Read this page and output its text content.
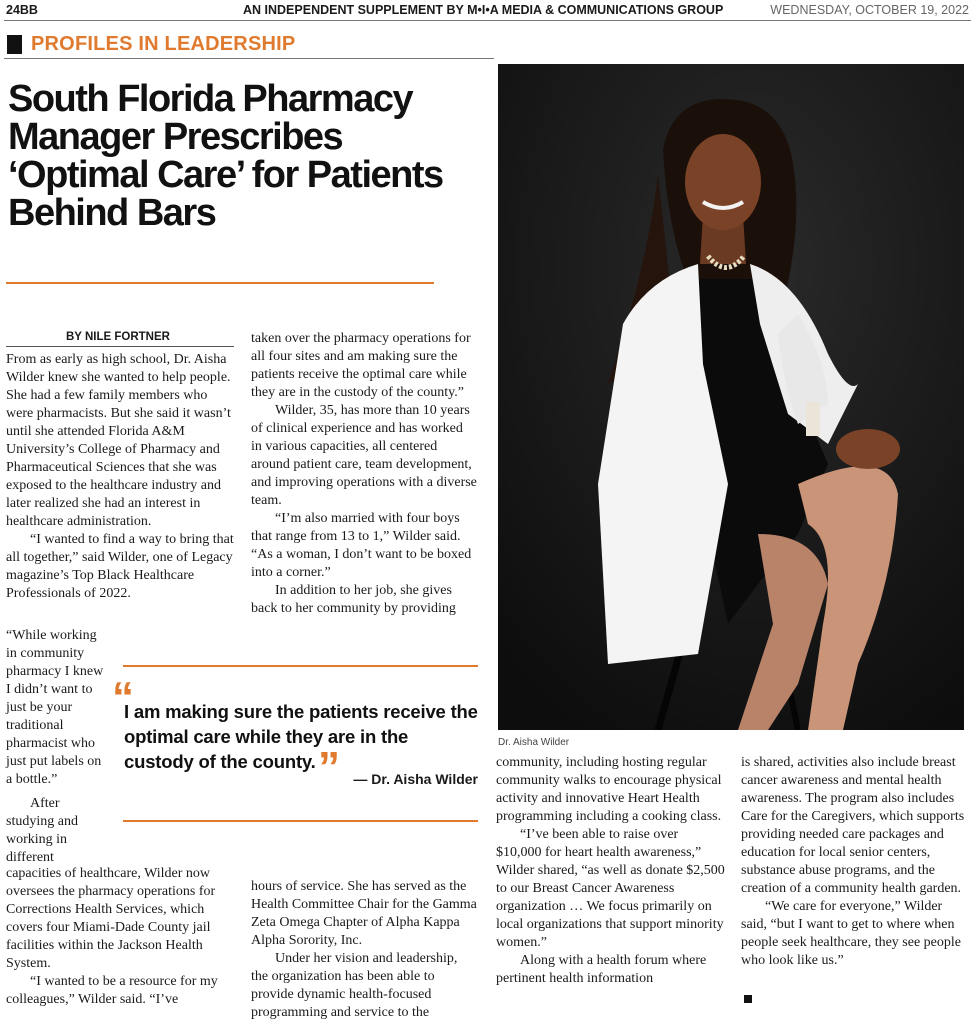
24BB	AN INDEPENDENT SUPPLEMENT BY M•I•A MEDIA & COMMUNICATIONS GROUP	WEDNESDAY, OCTOBER 19, 2022
PROFILES IN LEADERSHIP
South Florida Pharmacy Manager Prescribes ‘Optimal Care’ for Patients Behind Bars
BY NILE FORTNER

From as early as high school, Dr. Aisha Wilder knew she wanted to help people. She had a few family members who were pharmacists. But she said it wasn’t until she attended Florida A&M University’s College of Pharmacy and Pharmaceutical Sciences that she was exposed to the healthcare industry and later realized she had an interest in healthcare administration.

“I wanted to find a way to bring that all together,” said Wilder, one of Legacy magazine’s Top Black Healthcare Professionals of 2022.

“While working in community pharmacy I knew I didn’t want to just be your traditional pharmacist who just put labels on a bottle.”

After studying and working in different

capacities of healthcare, Wilder now oversees the pharmacy operations for Corrections Health Services, which covers four Miami-Dade County jail facilities within the Jackson Health System.

“I wanted to be a resource for my colleagues,” Wilder said. “I’ve

taken over the pharmacy operations for all four sites and am making sure the patients receive the optimal care while they are in the custody of the county.”

Wilder, 35, has more than 10 years of clinical experience and has worked in various capacities, all centered around patient care, team development, and improving operations with a diverse team.

“I’m also married with four boys that range from 13 to 1,” Wilder said. “As a woman, I don’t want to be boxed into a corner.”

In addition to her job, she gives back to her community by providing

hours of service. She has served as the Health Committee Chair for the Gamma Zeta Omega Chapter of Alpha Kappa Alpha Sorority, Inc.

Under her vision and leadership, the organization has been able to provide dynamic health-focused programming and service to the

“

I am making sure the patients receive the optimal care while they are in the custody of the county. ” — Dr. Aisha Wilder
Dr. Aisha Wilder

community, including hosting regular community walks to encourage physical activity and innovative Heart Health programming including a cooking class.

“I’ve been able to raise over $10,000 for heart health awareness,” Wilder shared, “as well as donate $2,500 to our Breast Cancer Awareness organization … We focus primarily on local organizations that support minority women.”

Along with a health forum where pertinent health information

is shared, activities also include breast cancer awareness and mental health awareness. The program also includes Care for the Caregivers, which supports providing needed care packages and education for local senior centers, substance abuse programs, and the creation of a community health garden.

“We care for everyone,” Wilder said, “but I want to get to where when people seek healthcare, they see people who look like us.”
